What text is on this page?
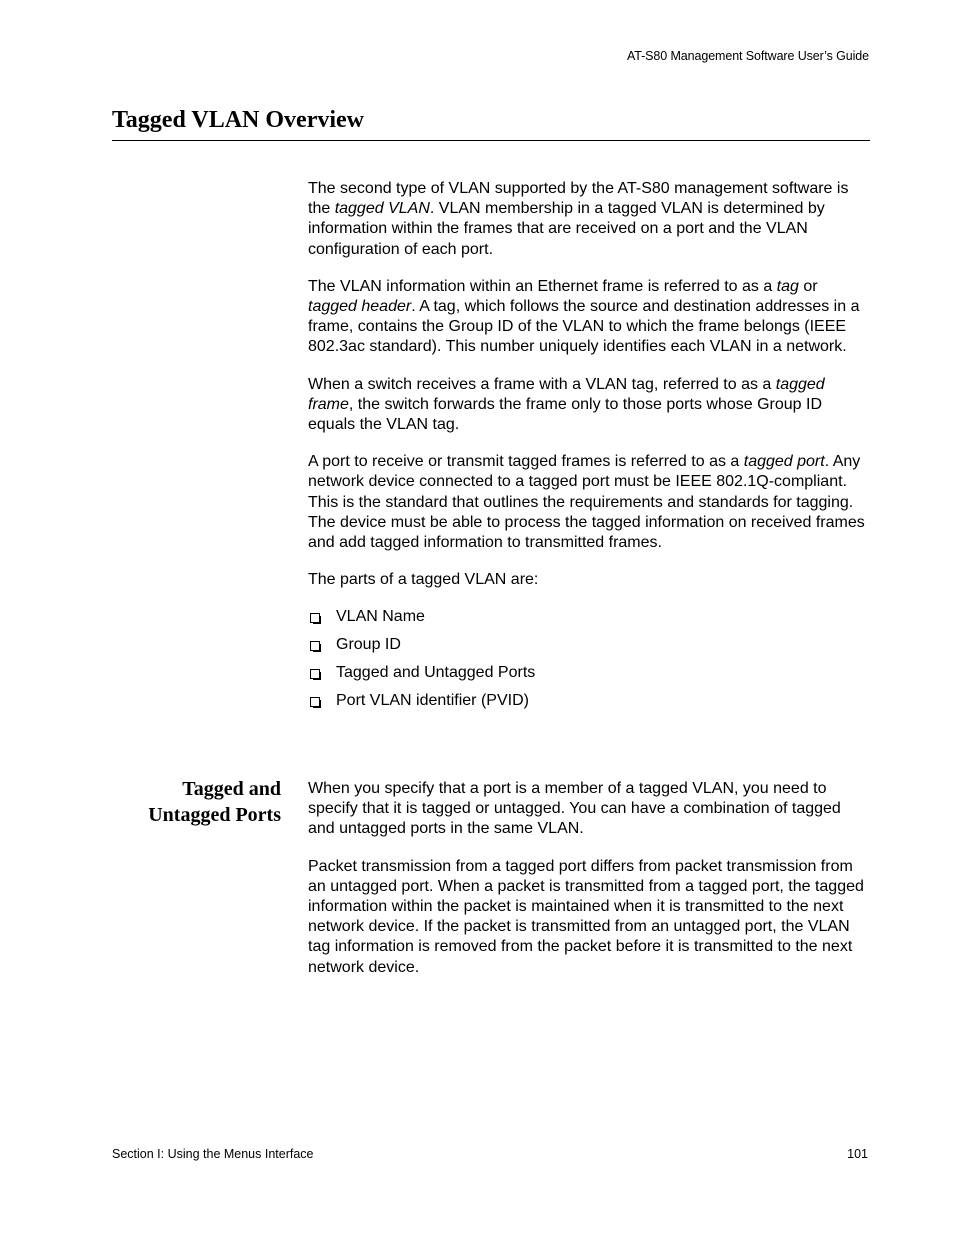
AT-S80 Management Software User’s Guide
Tagged VLAN Overview

The second type of VLAN supported by the AT-S80 management software is the tagged VLAN. VLAN membership in a tagged VLAN is determined by information within the frames that are received on a port and the VLAN configuration of each port.

The VLAN information within an Ethernet frame is referred to as a tag or tagged header. A tag, which follows the source and destination addresses in a frame, contains the Group ID of the VLAN to which the frame belongs (IEEE 802.3ac standard). This number uniquely identifies each VLAN in a network.

When a switch receives a frame with a VLAN tag, referred to as a tagged frame, the switch forwards the frame only to those ports whose Group ID equals the VLAN tag.

A port to receive or transmit tagged frames is referred to as a tagged port. Any network device connected to a tagged port must be IEEE 802.1Q-compliant. This is the standard that outlines the requirements and standards for tagging. The device must be able to process the tagged information on received frames and add tagged information to transmitted frames.

The parts of a tagged VLAN are:

VLAN Name
Group ID
Tagged and Untagged Ports
Port VLAN identifier (PVID)
Tagged and
Untagged Ports

When you specify that a port is a member of a tagged VLAN, you need to specify that it is tagged or untagged. You can have a combination of tagged and untagged ports in the same VLAN.

Packet transmission from a tagged port differs from packet transmission from an untagged port. When a packet is transmitted from a tagged port, the tagged information within the packet is maintained when it is transmitted to the next network device. If the packet is transmitted from an untagged port, the VLAN tag information is removed from the packet before it is transmitted to the next network device.

Section I: Using the Menus Interface	101
